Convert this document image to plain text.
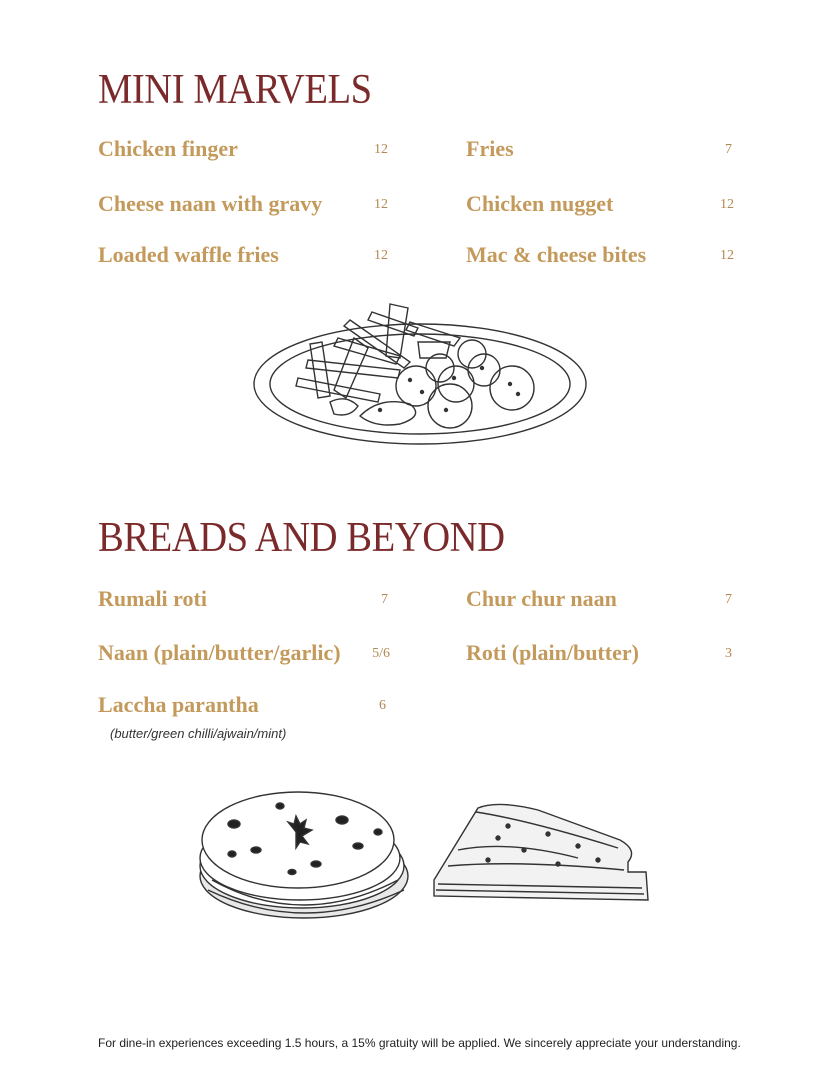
MINI MARVELS
Chicken finger	12	Fries	7
Cheese naan with gravy	12	Chicken nugget	12
Loaded waffle fries	12	Mac & cheese bites	12
BREADS AND BEYOND
Rumali roti	7	Chur chur naan	7
Naan (plain/butter/garlic) 5/6	Roti (plain/butter)	3
Laccha parantha	6
(butter/green chilli/ajwain/mint)
For dine-in experiences exceeding 1.5 hours, a 15% gratuity will be applied. We sincerely appreciate your understanding.
